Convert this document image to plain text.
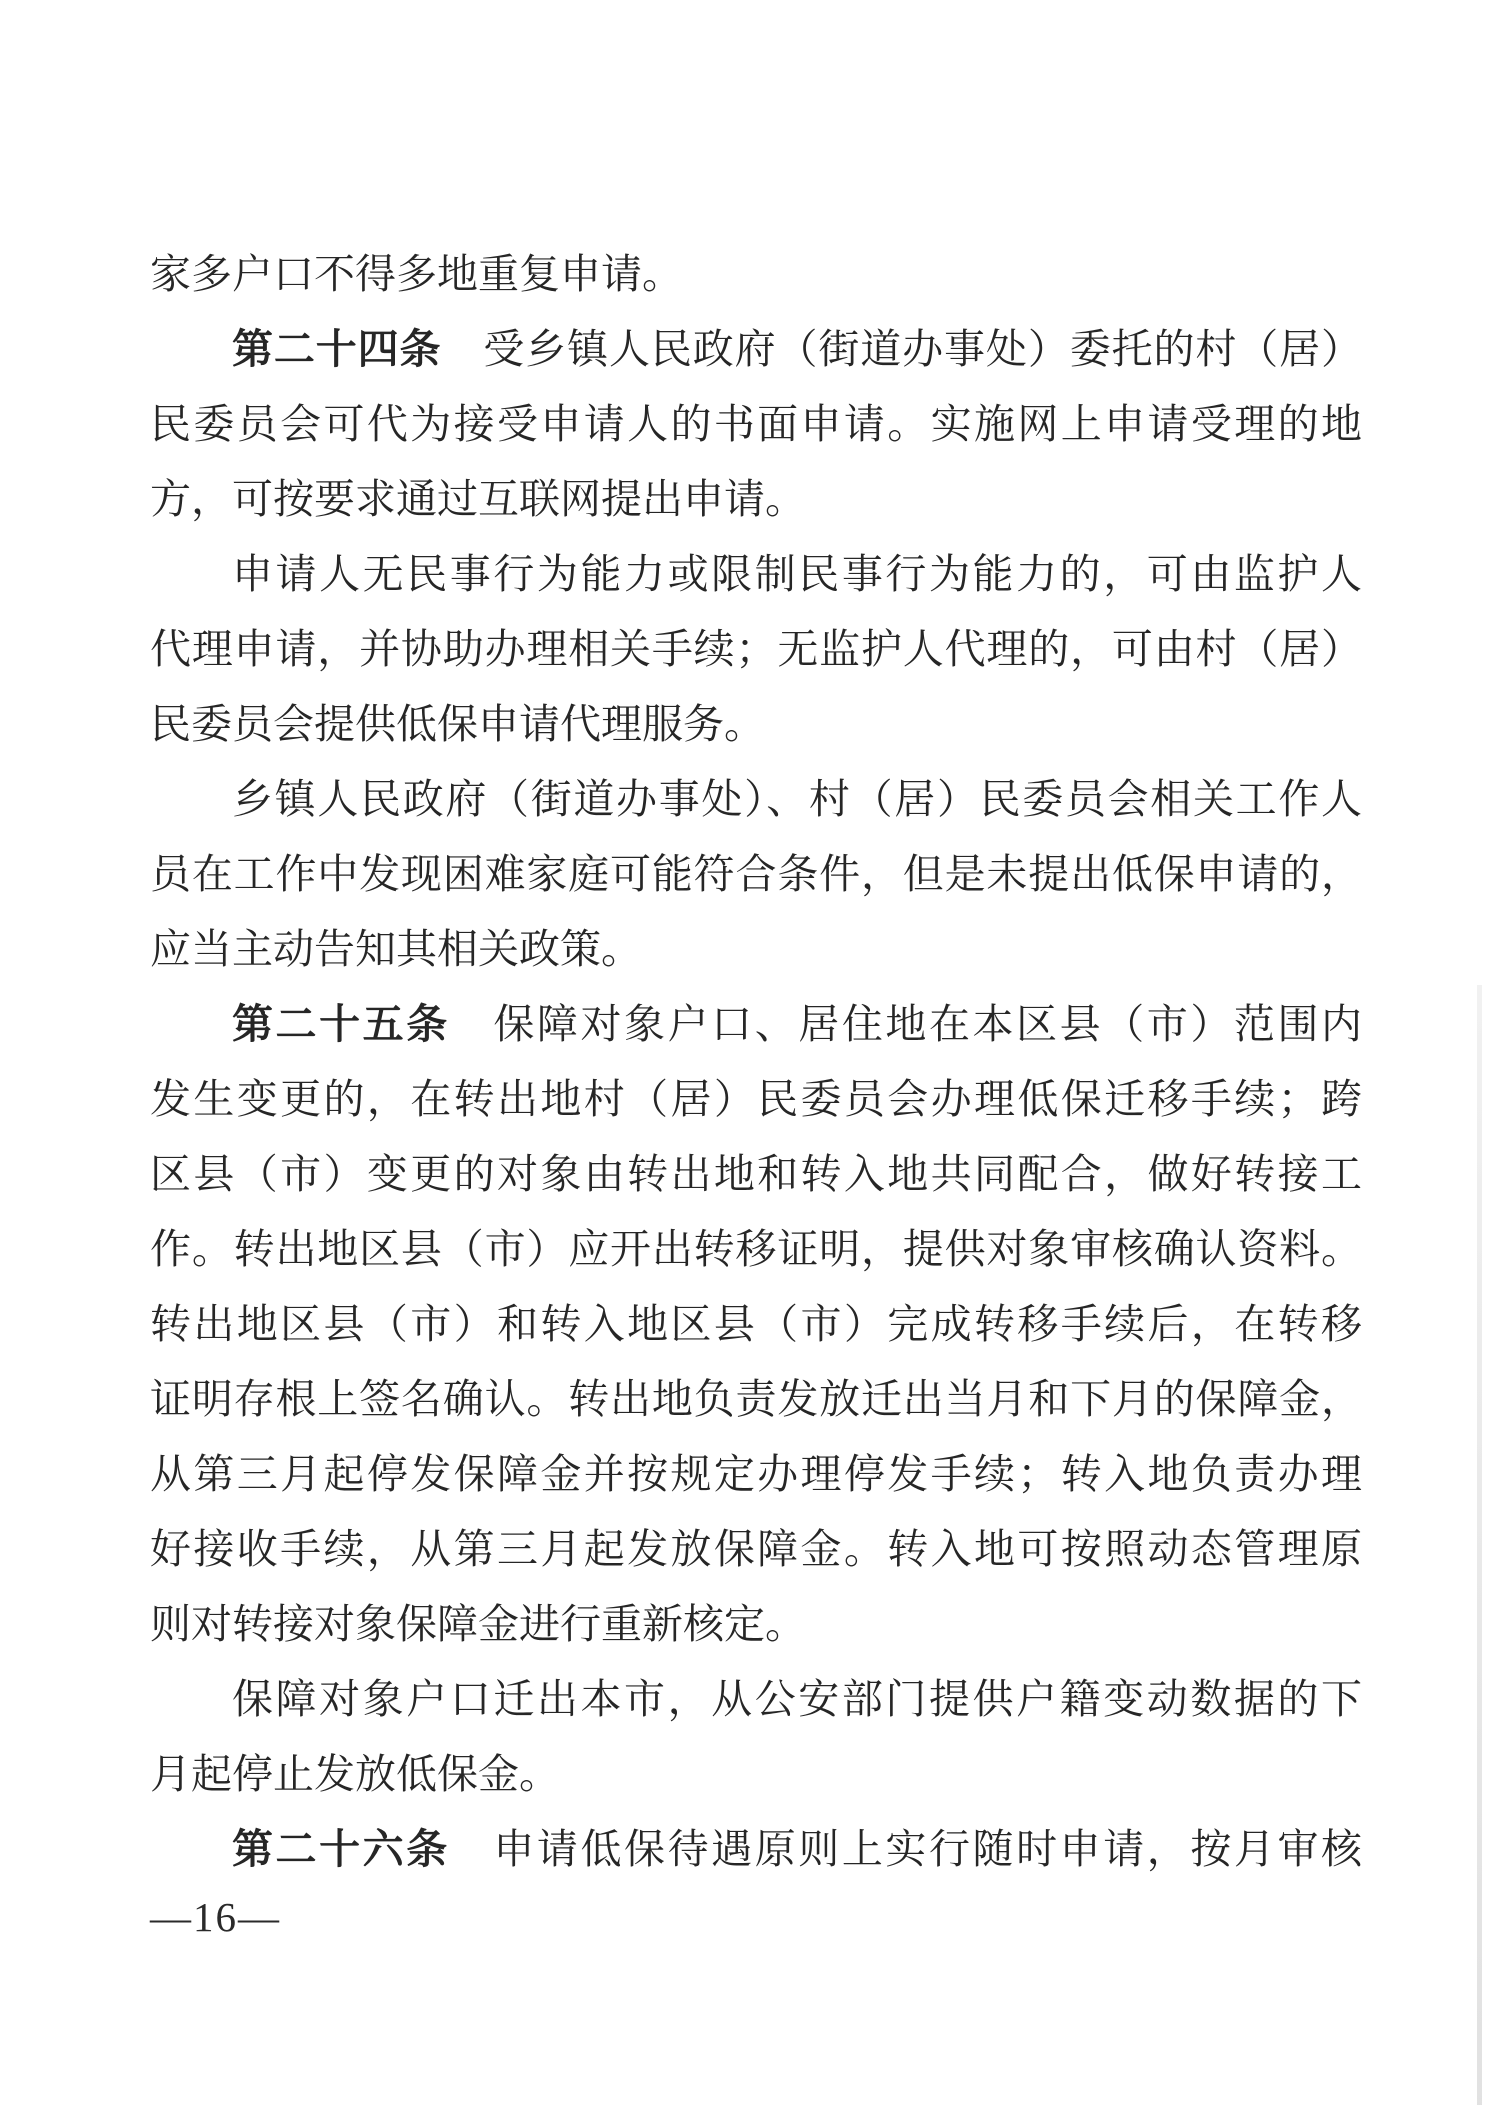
家多户口不得多地重复申请。
第二十四条　受乡镇人民政府（街道办事处）委托的村（居）
民委员会可代为接受申请人的书面申请。实施网上申请受理的地
方，可按要求通过互联网提出申请。
申请人无民事行为能力或限制民事行为能力的，可由监护人
代理申请，并协助办理相关手续；无监护人代理的，可由村（居）
民委员会提供低保申请代理服务。
乡镇人民政府（街道办事处）、村（居）民委员会相关工作人
员在工作中发现困难家庭可能符合条件，但是未提出低保申请的，
应当主动告知其相关政策。
第二十五条　保障对象户口、居住地在本区县（市）范围内
发生变更的，在转出地村（居）民委员会办理低保迁移手续；跨
区县（市）变更的对象由转出地和转入地共同配合，做好转接工
作。转出地区县（市）应开出转移证明，提供对象审核确认资料。
转出地区县（市）和转入地区县（市）完成转移手续后，在转移
证明存根上签名确认。转出地负责发放迁出当月和下月的保障金，
从第三月起停发保障金并按规定办理停发手续；转入地负责办理
好接收手续，从第三月起发放保障金。转入地可按照动态管理原
则对转接对象保障金进行重新核定。
保障对象户口迁出本市，从公安部门提供户籍变动数据的下
月起停止发放低保金。
第二十六条　申请低保待遇原则上实行随时申请，按月审核
—16—
